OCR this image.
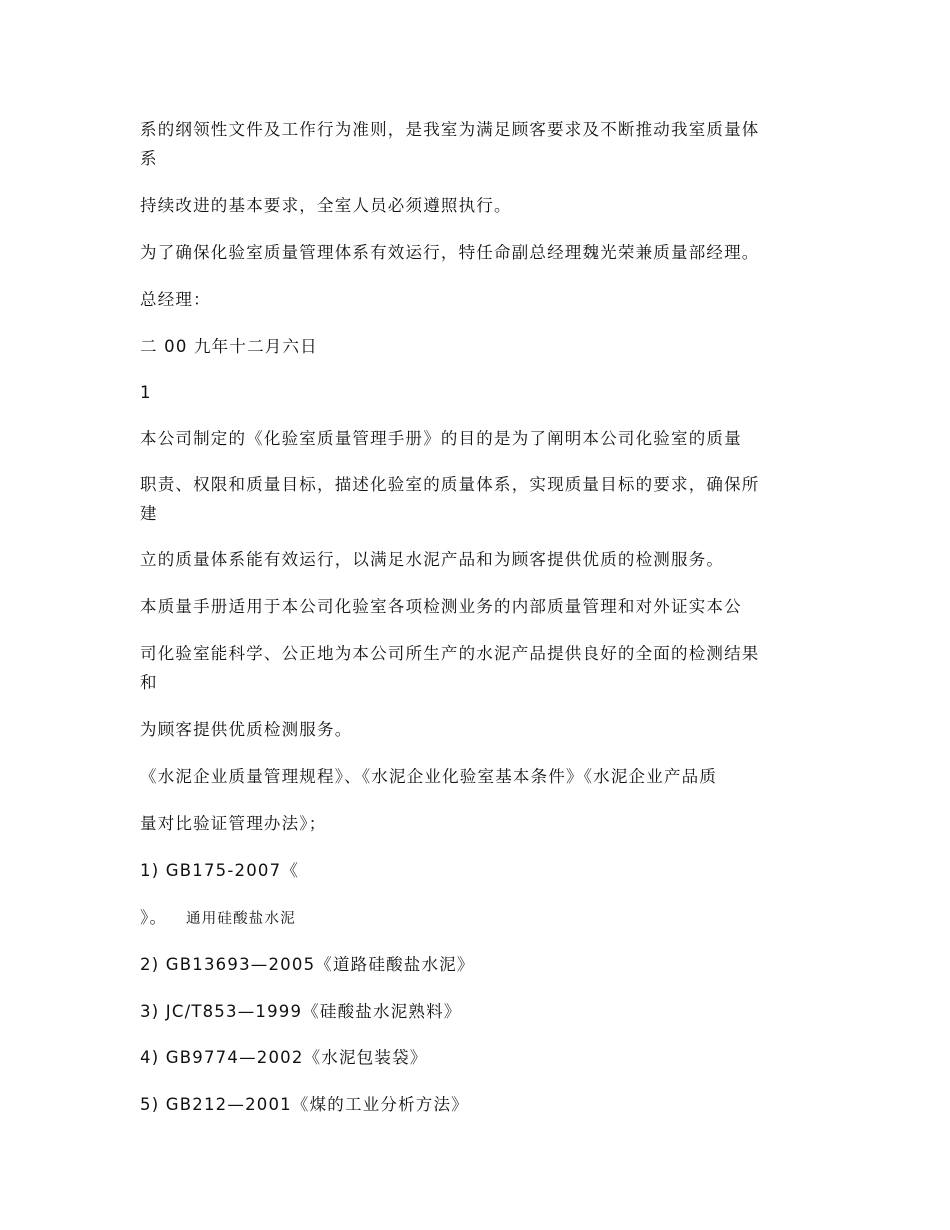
系的纲领性文件及工作行为准则，是我室为满足顾客要求及不断推动我室质量体
系
持续改进的基本要求，全室人员必须遵照执行。
为了确保化验室质量管理体系有效运行，特任命副总经理魏光荣兼质量部经理。
总经理：
二 00 九年十二月六日
1
本公司制定的《化验室质量管理手册》的目的是为了阐明本公司化验室的质量
职责、权限和质量目标，描述化验室的质量体系，实现质量目标的要求，确保所
建
立的质量体系能有效运行，以满足水泥产品和为顾客提供优质的检测服务。
本质量手册适用于本公司化验室各项检测业务的内部质量管理和对外证实本公
司化验室能科学、公正地为本公司所生产的水泥产品提供良好的全面的检测结果
和
为顾客提供优质检测服务。
《水泥企业质量管理规程》、《水泥企业化验室基本条件》《水泥企业产品质
量对比验证管理办法》；
1) GB175-2007《
》。 通用硅酸盐水泥
2) GB13693—2005《道路硅酸盐水泥》
3) JC/T853—1999《硅酸盐水泥熟料》
4) GB9774—2002《水泥包装袋》
5) GB212—2001《煤的工业分析方法》
